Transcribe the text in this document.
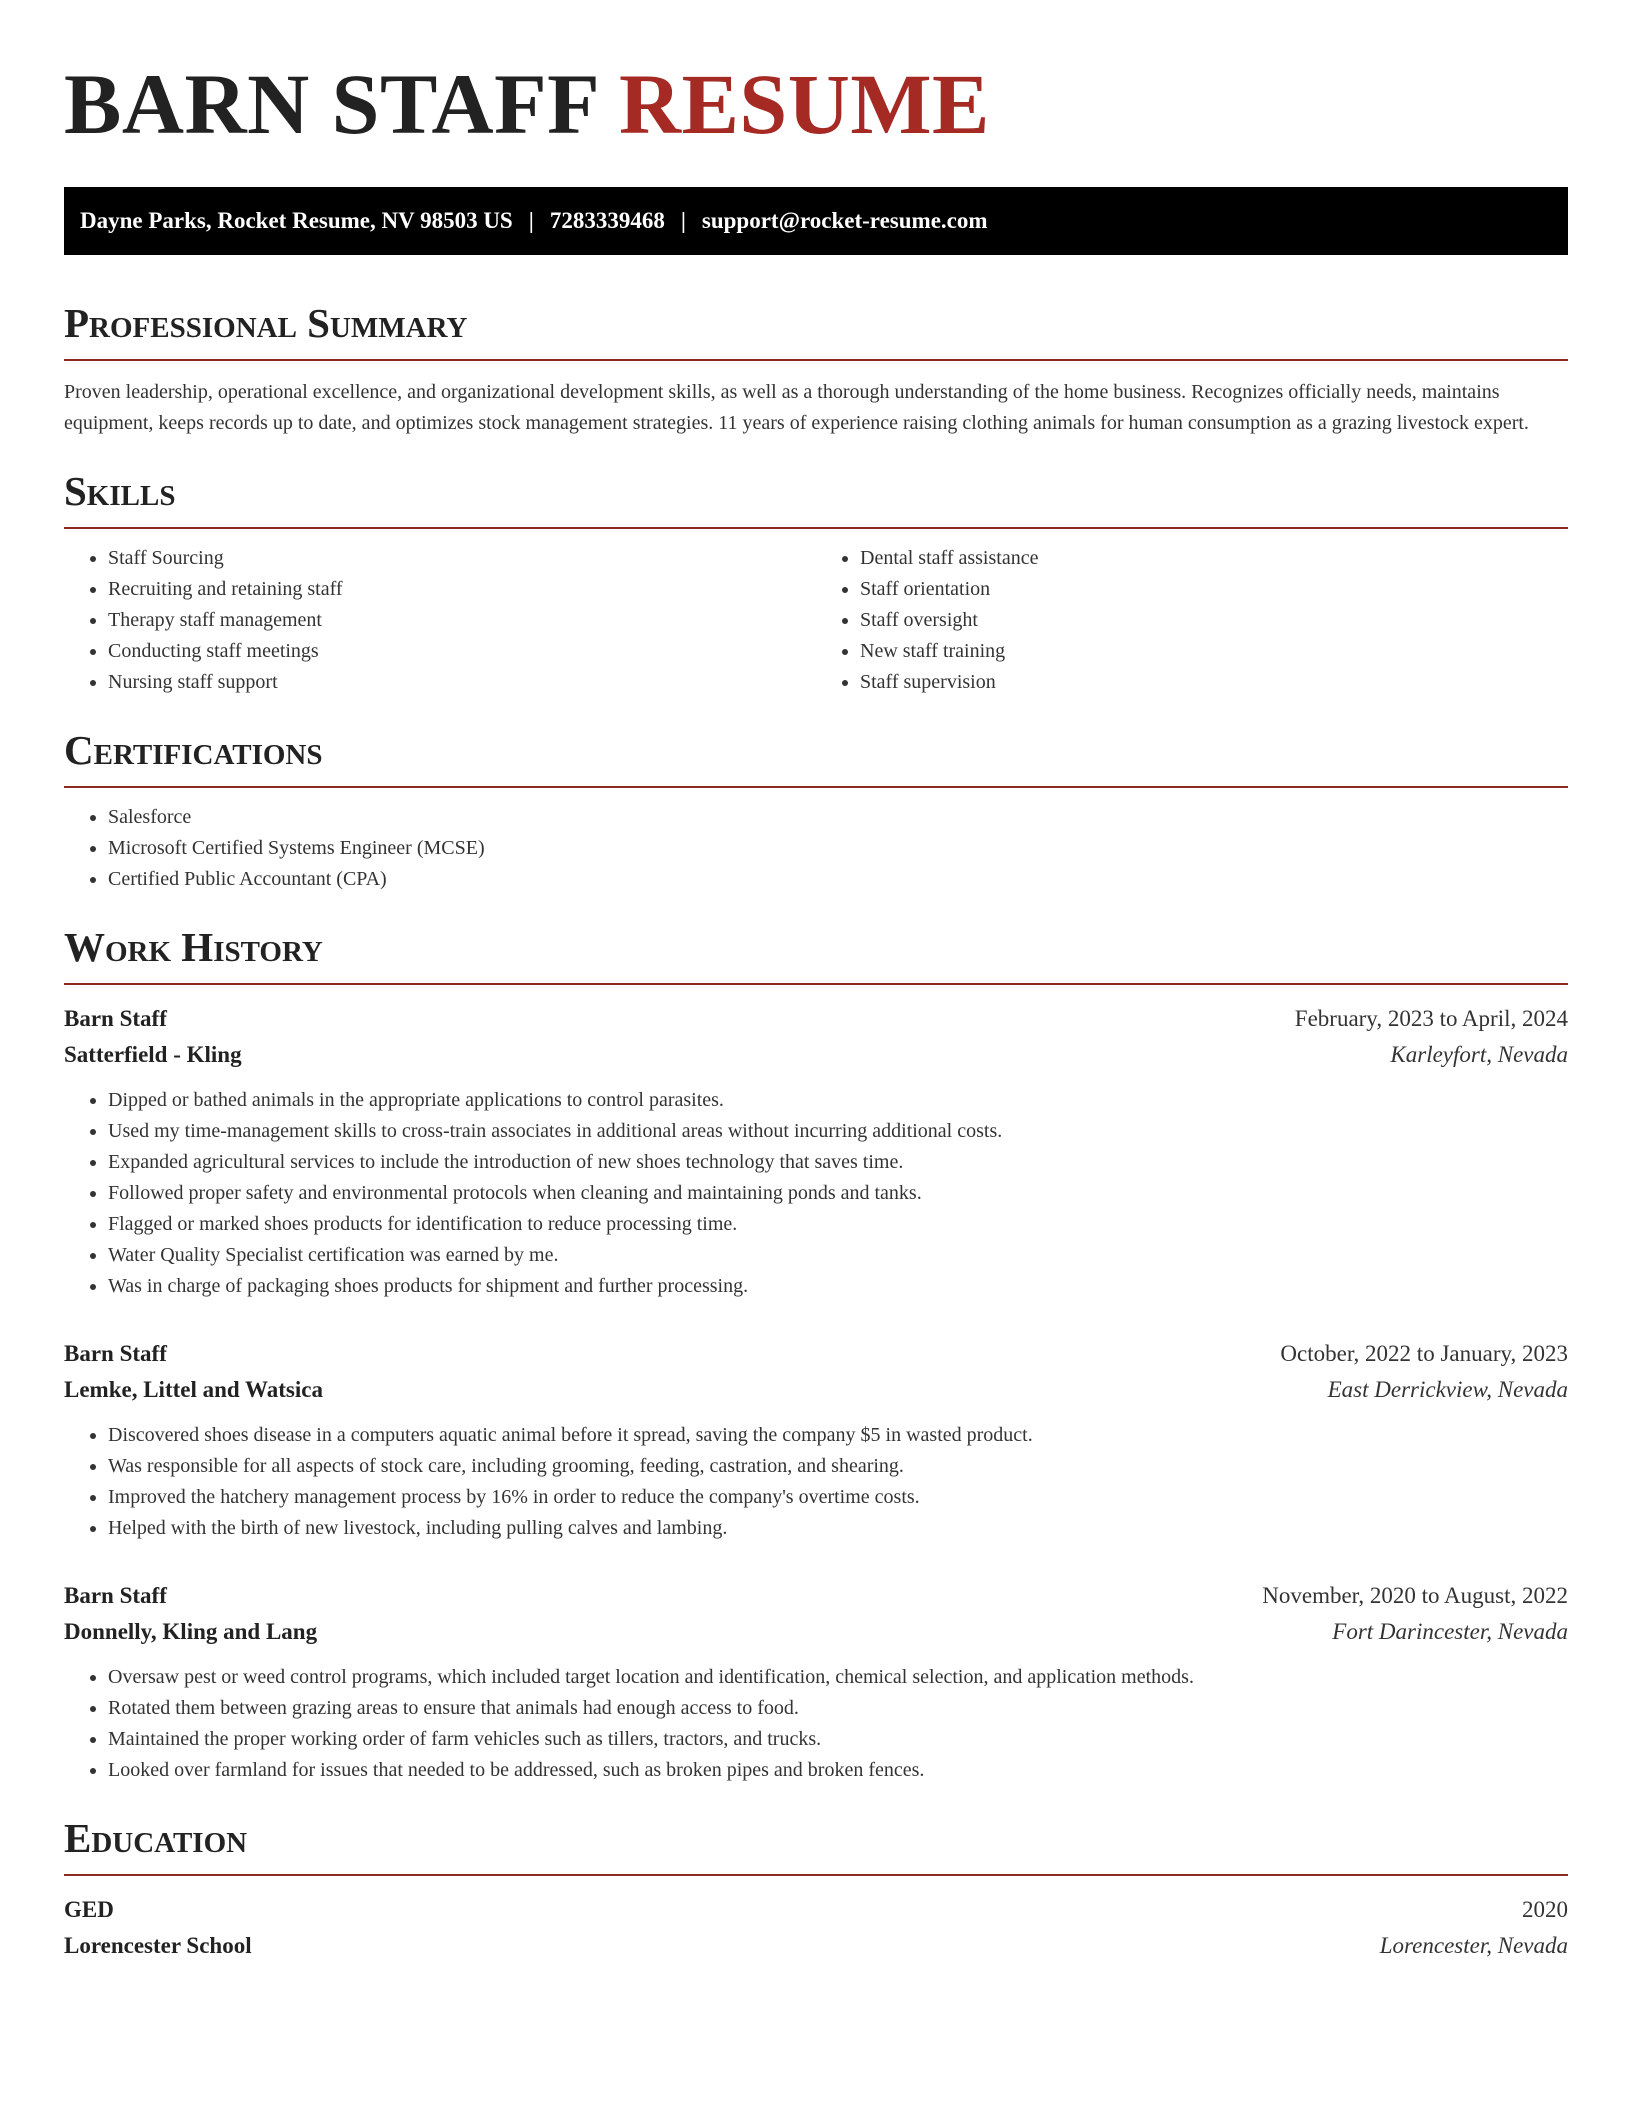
BARN STAFF RESUME
Dayne Parks, Rocket Resume, NV 98503 US | 7283339468 | support@rocket-resume.com
Professional Summary

Proven leadership, operational excellence, and organizational development skills, as well as a thorough understanding of the home business. Recognizes officially needs, maintains equipment, keeps records up to date, and optimizes stock management strategies. 11 years of experience raising clothing animals for human consumption as a grazing livestock expert.

Skills
• Staff Sourcing
• Recruiting and retaining staff
• Therapy staff management
• Conducting staff meetings
• Nursing staff support
• Dental staff assistance
• Staff orientation
• Staff oversight
• New staff training
• Staff supervision
Certifications
• Salesforce
• Microsoft Certified Systems Engineer (MCSE)
• Certified Public Accountant (CPA)
Work History
Barn Staff	February, 2023 to April, 2024
Satterfield - Kling	Karleyfort, Nevada
• Dipped or bathed animals in the appropriate applications to control parasites.
• Used my time-management skills to cross-train associates in additional areas without incurring additional costs.
• Expanded agricultural services to include the introduction of new shoes technology that saves time.
• Followed proper safety and environmental protocols when cleaning and maintaining ponds and tanks.
• Flagged or marked shoes products for identification to reduce processing time.
• Water Quality Specialist certification was earned by me.
• Was in charge of packaging shoes products for shipment and further processing.
Barn Staff	October, 2022 to January, 2023
Lemke, Littel and Watsica	East Derrickview, Nevada
• Discovered shoes disease in a computers aquatic animal before it spread, saving the company $5 in wasted product.
• Was responsible for all aspects of stock care, including grooming, feeding, castration, and shearing.
• Improved the hatchery management process by 16% in order to reduce the company's overtime costs.
• Helped with the birth of new livestock, including pulling calves and lambing.
Barn Staff	November, 2020 to August, 2022
Donnelly, Kling and Lang	Fort Darincester, Nevada
• Oversaw pest or weed control programs, which included target location and identification, chemical selection, and application methods.
• Rotated them between grazing areas to ensure that animals had enough access to food.
• Maintained the proper working order of farm vehicles such as tillers, tractors, and trucks.
• Looked over farmland for issues that needed to be addressed, such as broken pipes and broken fences.
Education
GED	2020
Lorencester School	Lorencester, Nevada
